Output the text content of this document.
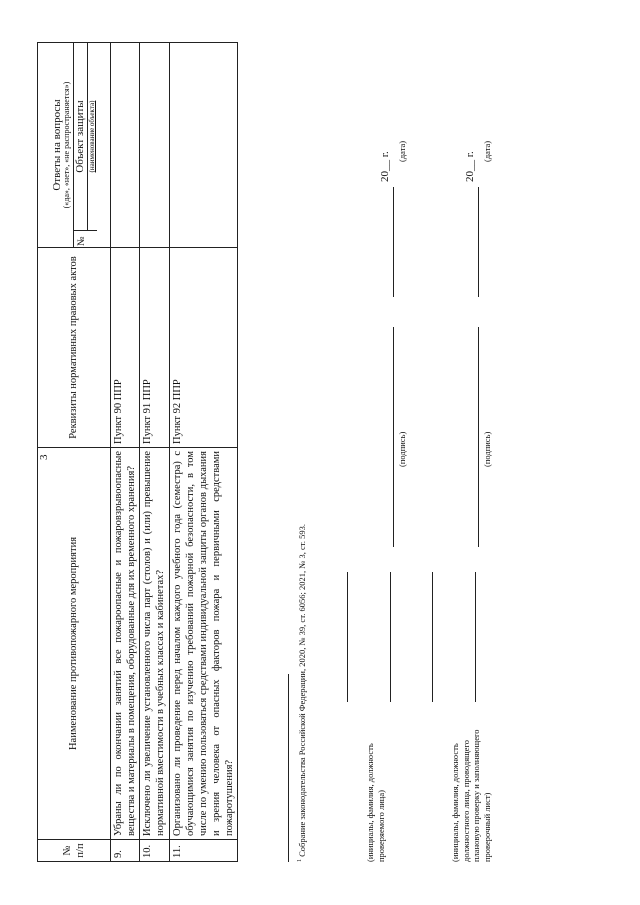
3
№ п/п	Наименование противопожарного мероприятия	Реквизиты нормативных правовых актов	Ответы на вопросы («да», «нет», «не распространяется»)
№
Объект защиты (наименование объекта)

9.	Убраны ли по окончании занятий все пожароопасные и пожаровзрывоопасные вещества и материалы в помещения, оборудованные для их временного хранения?	Пункт 90 ППР	
10.	Исключено ли увеличение установленного числа парт (столов) и (или) превышение нормативной вместимости в учебных классах и кабинетах?	Пункт 91 ППР	
11.	Организовано ли проведение перед началом каждого учебного года (семестра) с обучающимися занятия по изучению требований пожарной безопасности, в том числе по умению пользоваться средствами индивидуальной защиты органов дыхания и зрения человека от опасных факторов пожара и первичными средствами пожаротушения?	Пункт 92 ППР	
$^1$ Собрание законодательства Российской Федерации, 2020, № 39, ст. 6056; 2021, № 3, ст. 593.	(инициалы, фамилия, должность проверяемого лица)
(подпись)
20__ г. (дата)
(инициалы, фамилия, должность должностного лица, проводящего плановую проверку и заполняющего проверочный лист)
(подпись)
20__ г. (дата)
